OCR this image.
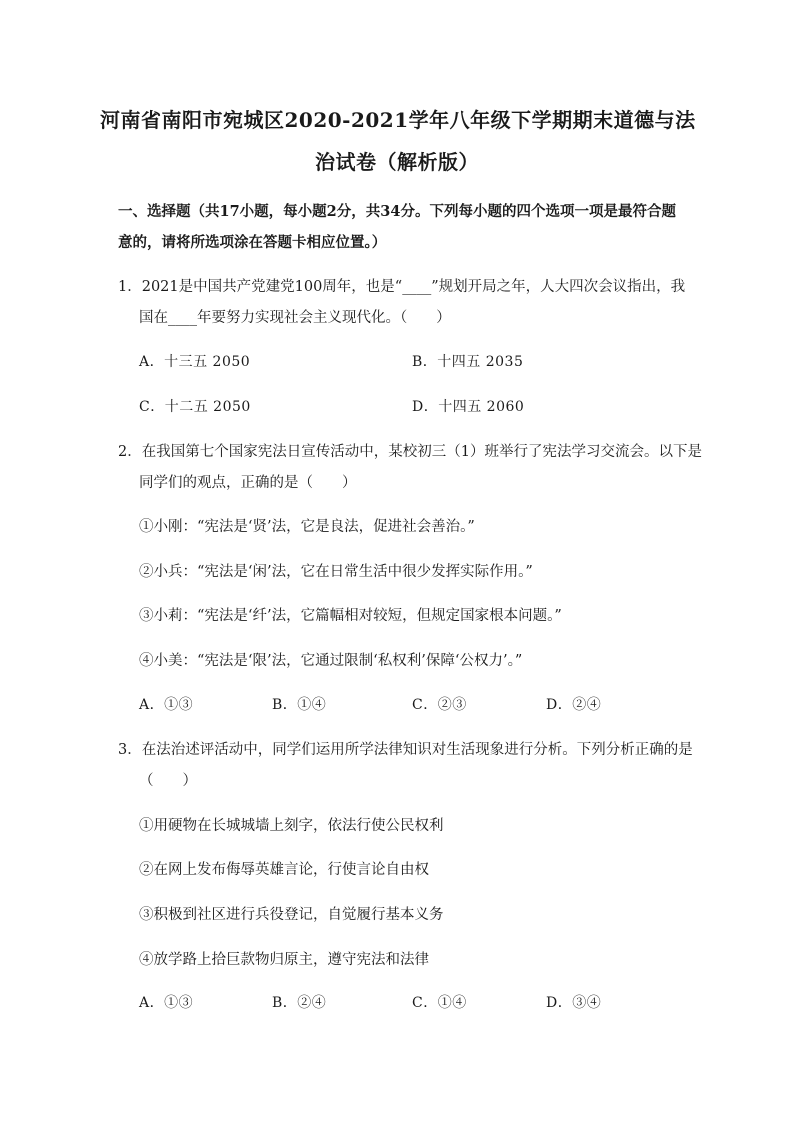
河南省南阳市宛城区2020-2021学年八年级下学期期末道德与法
治试卷（解析版）
一、选择题（共17小题，每小题2分，共34分。下列每小题的四个选项一项是最符合题
意的，请将所选项涂在答题卡相应位置。）
1．2021是中国共产党建党100周年，也是“____”规划开局之年，人大四次会议指出，我
国在____年要努力实现社会主义现代化。（　　）
A．十三五 2050	B．十四五 2035
C．十二五 2050	D．十四五 2060
2．在我国第七个国家宪法日宣传活动中，某校初三（1）班举行了宪法学习交流会。以下是
同学们的观点，正确的是（　　）
①小刚：“宪法是‘贤’法，它是良法，促进社会善治。”
②小兵：“宪法是‘闲’法，它在日常生活中很少发挥实际作用。”
③小莉：“宪法是‘纤’法，它篇幅相对较短，但规定国家根本问题。”
④小美：“宪法是‘限’法，它通过限制‘私权利’保障‘公权力’。”
A．①③	B．①④	C．②③	D．②④
3．在法治述评活动中，同学们运用所学法律知识对生活现象进行分析。下列分析正确的是
（　　）
①用硬物在长城城墙上刻字，依法行使公民权利
②在网上发布侮辱英雄言论，行使言论自由权
③积极到社区进行兵役登记，自觉履行基本义务
④放学路上拾巨款物归原主，遵守宪法和法律
A．①③	B．②④	C．①④	D．③④
